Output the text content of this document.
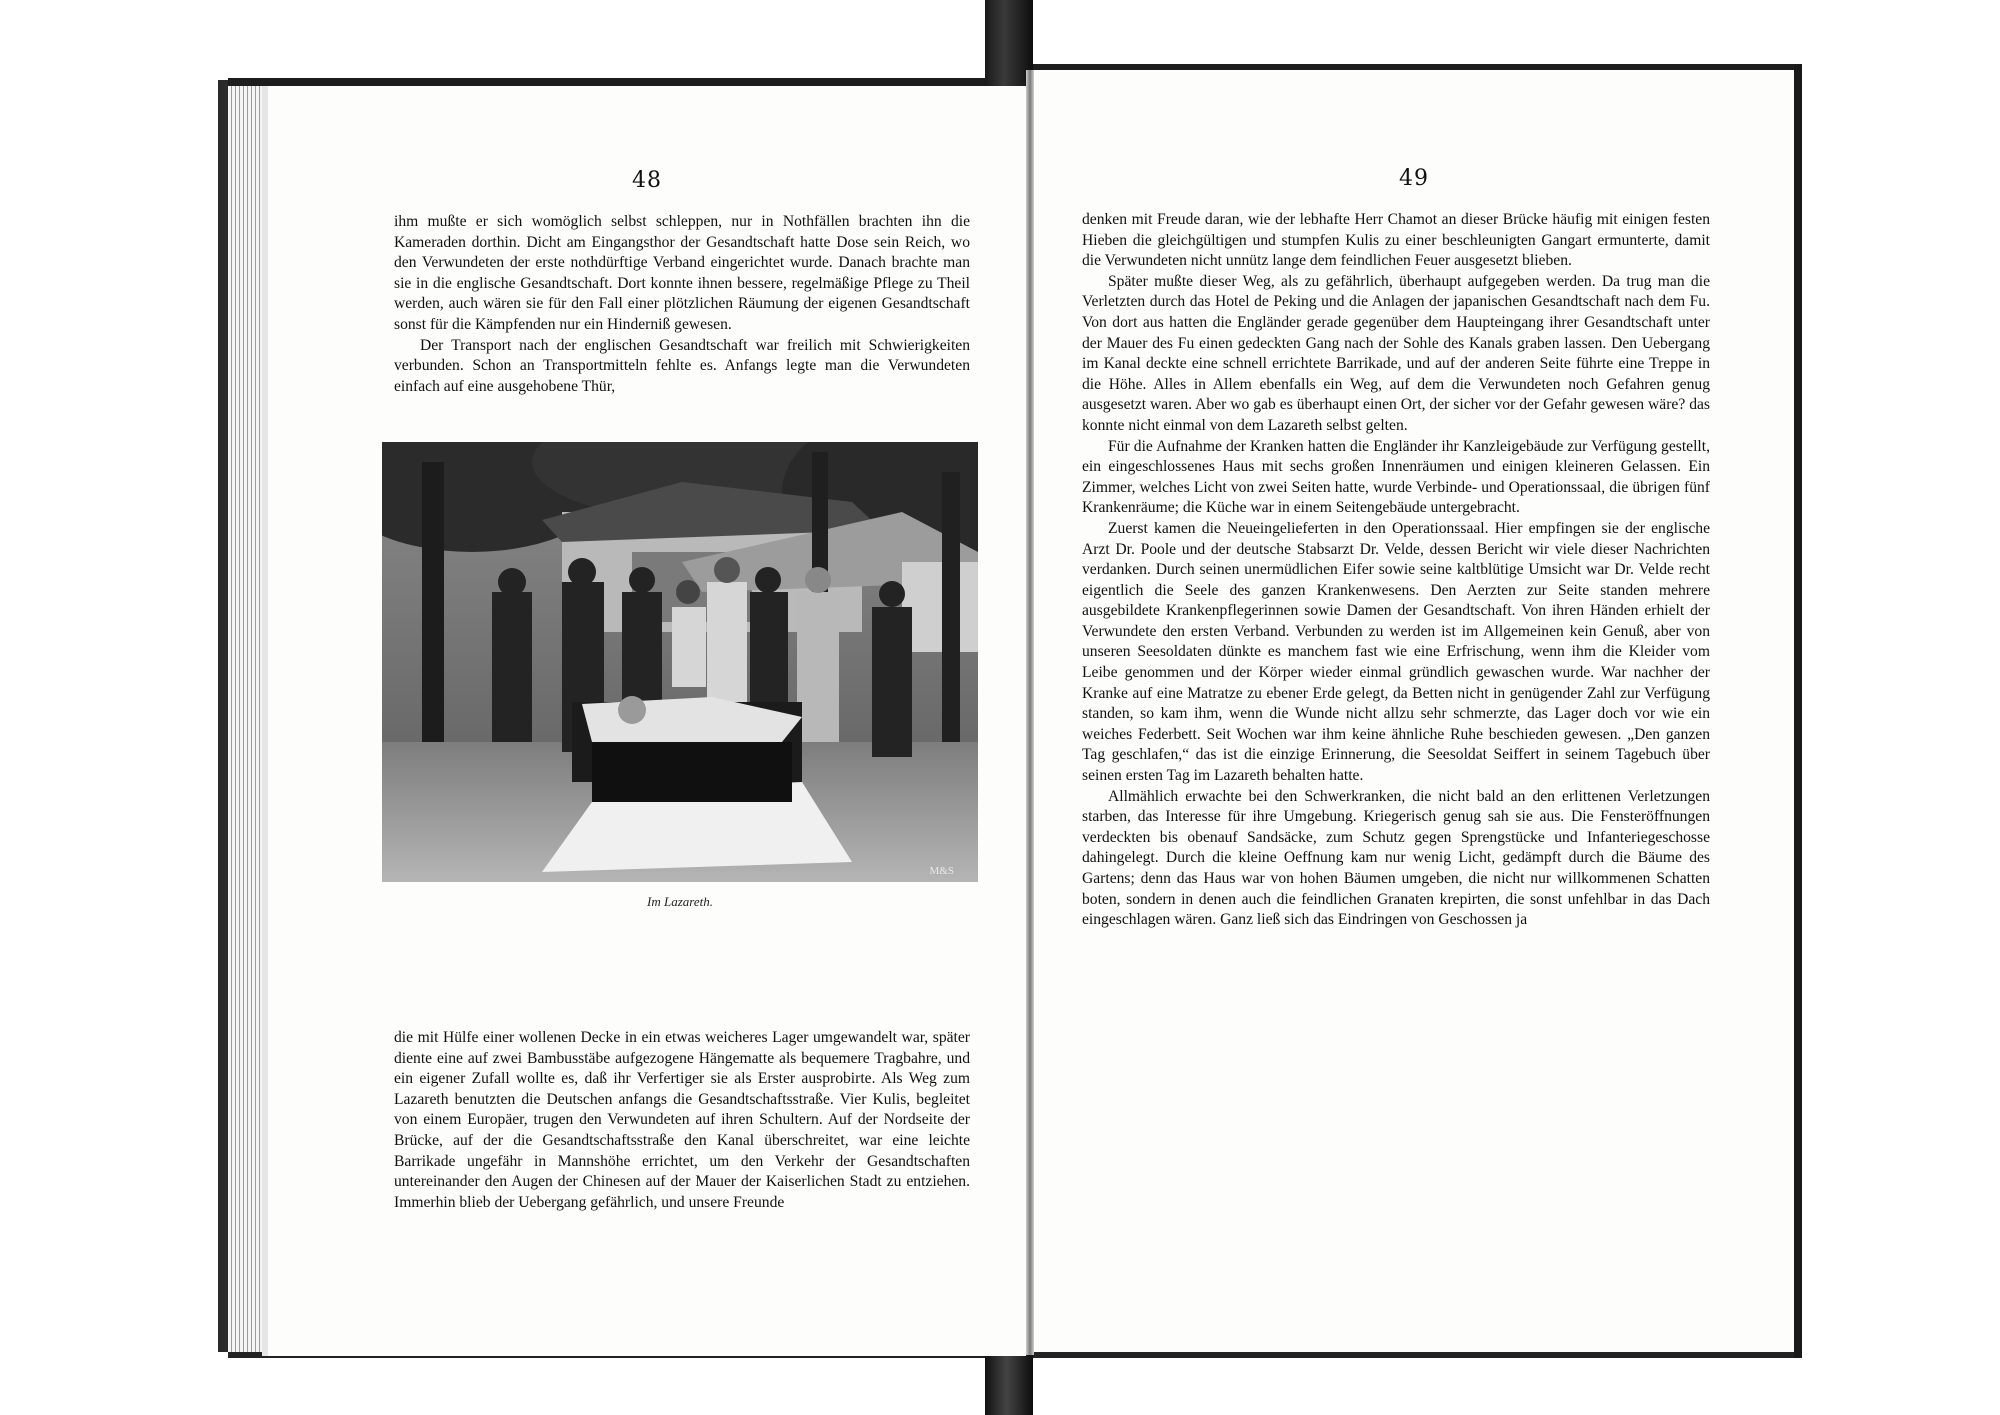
48

ihm mußte er sich womöglich selbst schleppen, nur in Nothfällen brachten ihn die Kameraden dorthin. Dicht am Eingangsthor der Gesandtschaft hatte Dose sein Reich, wo den Verwundeten der erste nothdürftige Verband eingerichtet wurde. Danach brachte man sie in die englische Gesandtschaft. Dort konnte ihnen bessere, regelmäßige Pflege zu Theil werden, auch wären sie für den Fall einer plötzlichen Räumung der eigenen Gesandtschaft sonst für die Kämpfenden nur ein Hinderniß gewesen.

Der Transport nach der englischen Gesandtschaft war freilich mit Schwierigkeiten verbunden. Schon an Transportmitteln fehlte es. Anfangs legte man die Verwundeten einfach auf eine ausgehobene Thür,

M&S
Im Lazareth.

die mit Hülfe einer wollenen Decke in ein etwas weicheres Lager umgewandelt war, später diente eine auf zwei Bambusstäbe aufgezogene Hängematte als bequemere Tragbahre, und ein eigener Zufall wollte es, daß ihr Verfertiger sie als Erster ausprobirte. Als Weg zum Lazareth benutzten die Deutschen anfangs die Gesandtschaftsstraße. Vier Kulis, begleitet von einem Europäer, trugen den Verwundeten auf ihren Schultern. Auf der Nordseite der Brücke, auf der die Gesandtschaftsstraße den Kanal überschreitet, war eine leichte Barrikade ungefähr in Mannshöhe errichtet, um den Verkehr der Gesandtschaften untereinander den Augen der Chinesen auf der Mauer der Kaiserlichen Stadt zu entziehen. Immerhin blieb der Uebergang gefährlich, und unsere Freunde

49

denken mit Freude daran, wie der lebhafte Herr Chamot an dieser Brücke häufig mit einigen festen Hieben die gleichgültigen und stumpfen Kulis zu einer beschleunigten Gangart ermunterte, damit die Verwundeten nicht unnütz lange dem feindlichen Feuer ausgesetzt blieben.

Später mußte dieser Weg, als zu gefährlich, überhaupt aufgegeben werden. Da trug man die Verletzten durch das Hotel de Peking und die Anlagen der japanischen Gesandtschaft nach dem Fu. Von dort aus hatten die Engländer gerade gegenüber dem Haupteingang ihrer Gesandtschaft unter der Mauer des Fu einen gedeckten Gang nach der Sohle des Kanals graben lassen. Den Uebergang im Kanal deckte eine schnell errichtete Barrikade, und auf der anderen Seite führte eine Treppe in die Höhe. Alles in Allem ebenfalls ein Weg, auf dem die Verwundeten noch Gefahren genug ausgesetzt waren. Aber wo gab es überhaupt einen Ort, der sicher vor der Gefahr gewesen wäre? das konnte nicht einmal von dem Lazareth selbst gelten.

Für die Aufnahme der Kranken hatten die Engländer ihr Kanzleigebäude zur Verfügung gestellt, ein eingeschlossenes Haus mit sechs großen Innenräumen und einigen kleineren Gelassen. Ein Zimmer, welches Licht von zwei Seiten hatte, wurde Verbinde- und Operationssaal, die übrigen fünf Krankenräume; die Küche war in einem Seitengebäude untergebracht.

Zuerst kamen die Neueingelieferten in den Operationssaal. Hier empfingen sie der englische Arzt Dr. Poole und der deutsche Stabsarzt Dr. Velde, dessen Bericht wir viele dieser Nachrichten verdanken. Durch seinen unermüdlichen Eifer sowie seine kaltblütige Umsicht war Dr. Velde recht eigentlich die Seele des ganzen Krankenwesens. Den Aerzten zur Seite standen mehrere ausgebildete Krankenpflegerinnen sowie Damen der Gesandtschaft. Von ihren Händen erhielt der Verwundete den ersten Verband. Verbunden zu werden ist im Allgemeinen kein Genuß, aber von unseren Seesoldaten dünkte es manchem fast wie eine Erfrischung, wenn ihm die Kleider vom Leibe genommen und der Körper wieder einmal gründlich gewaschen wurde. War nachher der Kranke auf eine Matratze zu ebener Erde gelegt, da Betten nicht in genügender Zahl zur Verfügung standen, so kam ihm, wenn die Wunde nicht allzu sehr schmerzte, das Lager doch vor wie ein weiches Federbett. Seit Wochen war ihm keine ähnliche Ruhe beschieden gewesen. „Den ganzen Tag geschlafen,“ das ist die einzige Erinnerung, die Seesoldat Seiffert in seinem Tagebuch über seinen ersten Tag im Lazareth behalten hatte.

Allmählich erwachte bei den Schwerkranken, die nicht bald an den erlittenen Verletzungen starben, das Interesse für ihre Umgebung. Kriegerisch genug sah sie aus. Die Fensteröffnungen verdeckten bis obenauf Sandsäcke, zum Schutz gegen Sprengstücke und Infanteriegeschosse dahingelegt. Durch die kleine Oeffnung kam nur wenig Licht, gedämpft durch die Bäume des Gartens; denn das Haus war von hohen Bäumen umgeben, die nicht nur willkommenen Schatten boten, sondern in denen auch die feindlichen Granaten krepirten, die sonst unfehlbar in das Dach eingeschlagen wären. Ganz ließ sich das Eindringen von Geschossen ja
